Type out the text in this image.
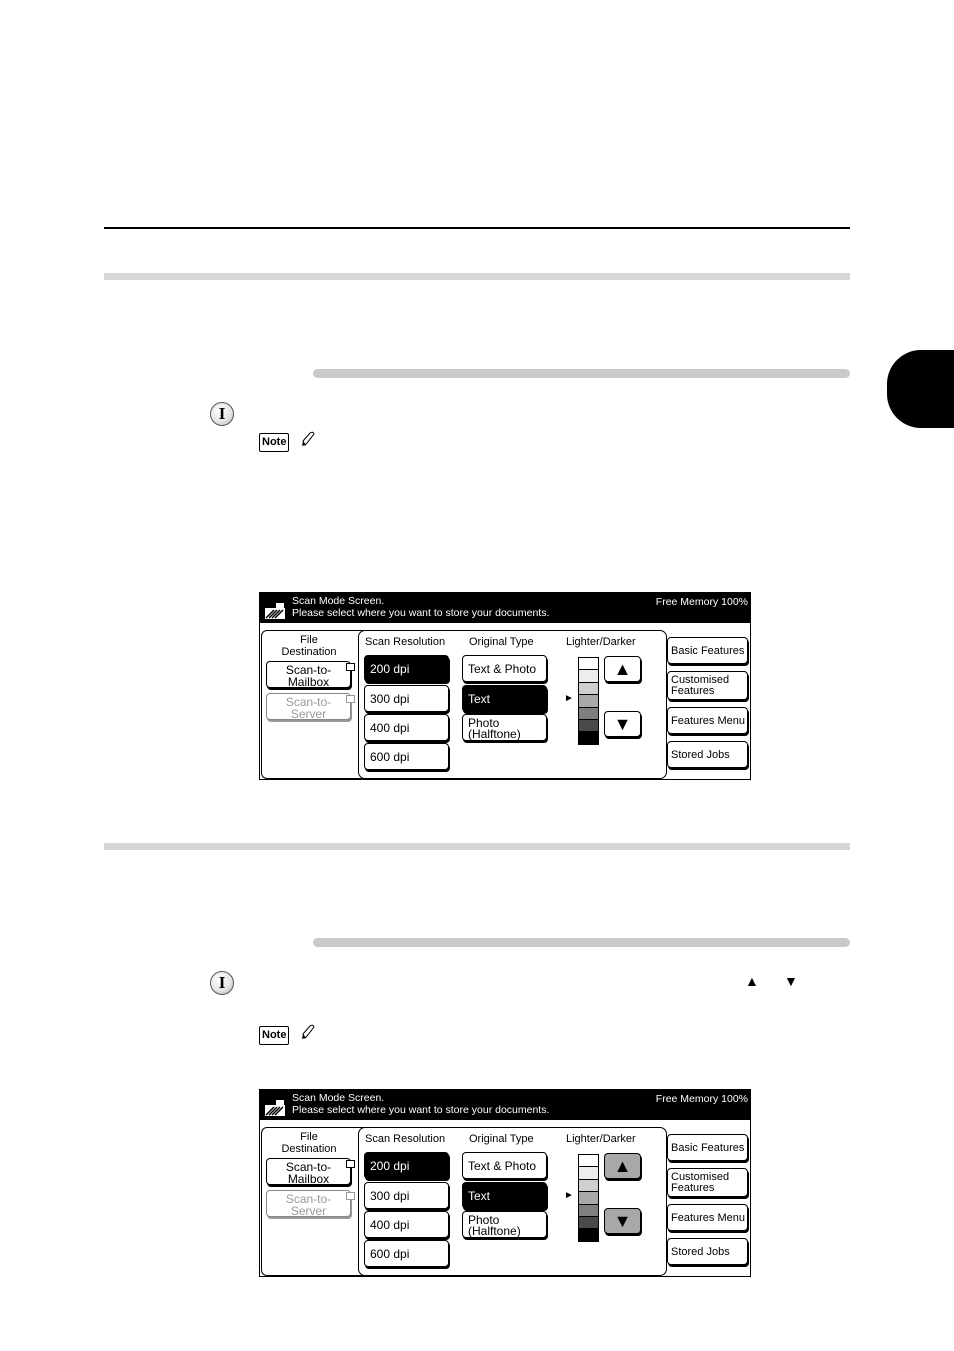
I
Note
Scan Mode Screen.
Please select where you want to store your documents.
Free Memory 100%
File
Destination
Scan-to-
Mailbox
Scan-to-
Server
Scan Resolution Original Type	Lighter/Darker
200 dpi
300 dpi
400 dpi
600 dpi
Text & Photo
Text
Photo
(Halftone)
►
▲
▼
Basic Features
Customised
Features
Features Menu
Stored Jobs
I	▲ ▼
Note
Scan Mode Screen.
Please select where you want to store your documents.
Free Memory 100%
File
Destination
Scan-to-
Mailbox
Scan-to-
Server
Scan Resolution Original Type	Lighter/Darker
200 dpi
300 dpi
400 dpi
600 dpi
Text & Photo
Text
Photo
(Halftone)
►
▲
▼
Basic Features
Customised
Features
Features Menu
Stored Jobs
